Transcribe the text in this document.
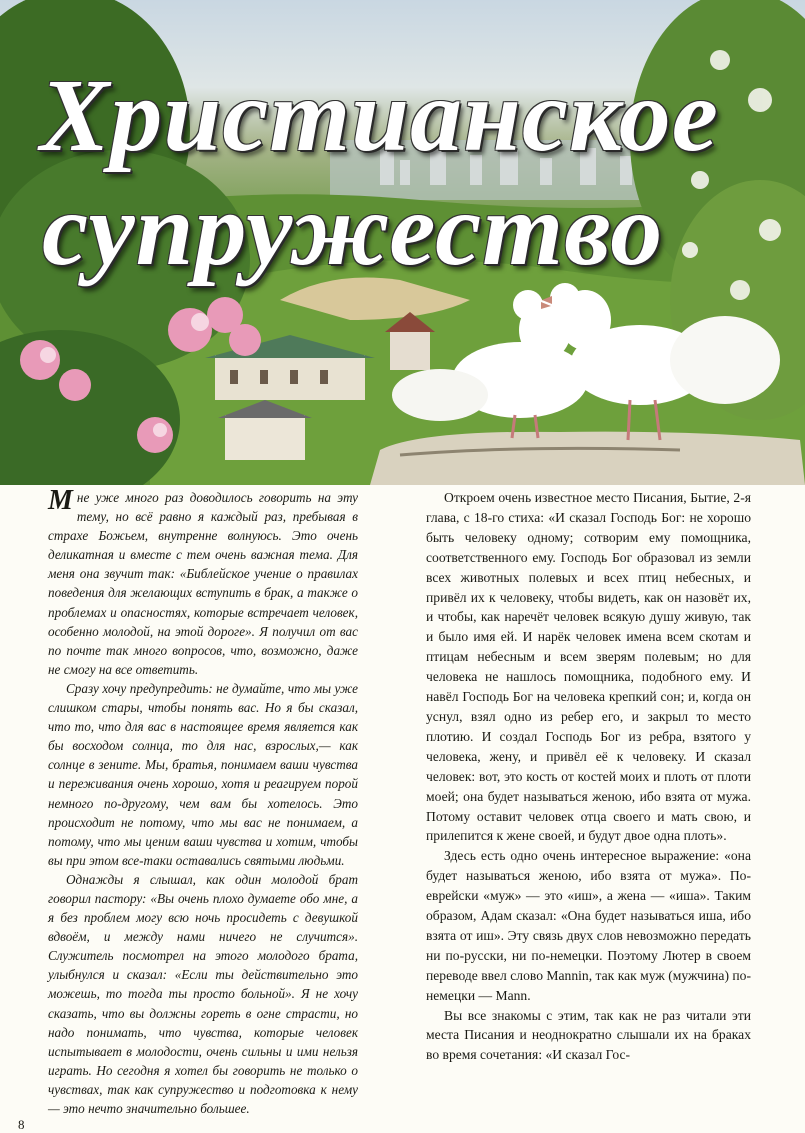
Христианское
супружество

Мне уже много раз доводилось говорить на эту тему, но всё равно я каждый раз, пребывая в страхе Божьем, внутренне волнуюсь. Это очень деликатная и вместе с тем очень важная тема. Для меня она звучит так: «Библейское учение о правилах поведения для желающих вступить в брак, а также о проблемах и опасностях, которые встречает человек, особенно молодой, на этой дороге». Я получил от вас по почте так много вопросов, что, возможно, даже не смогу на все ответить.

Сразу хочу предупредить: не думайте, что мы уже слишком стары, чтобы понять вас. Но я бы сказал, что то, что для вас в настоящее время является как бы восходом солнца, то для нас, взрослых,— как солнце в зените. Мы, братья, понимаем ваши чувства и переживания очень хорошо, хотя и реагируем порой немного по-другому, чем вам бы хотелось. Это происходит не потому, что мы вас не понимаем, а потому, что мы ценим ваши чувства и хотим, чтобы вы при этом все-таки оставались святыми людьми.

Однажды я слышал, как один молодой брат говорил пастору: «Вы очень плохо думаете обо мне, а я без проблем могу всю ночь просидеть с девушкой вдвоём, и между нами ничего не случится». Служитель посмотрел на этого молодого брата, улыбнулся и сказал: «Если ты действительно это можешь, то тогда ты просто больной». Я не хочу сказать, что вы должны гореть в огне страсти, но надо понимать, что чувства, которые человек испытывает в молодости, очень сильны и ими нельзя играть. Но сегодня я хотел бы говорить не только о чувствах, так как супружество и подготовка к нему — это нечто значительно большее.

Откроем очень известное место Писания, Бытие, 2-я глава, с 18-го стиха: «И сказал Господь Бог: не хорошо быть человеку одному; сотворим ему помощника, соответственного ему. Господь Бог образовал из земли всех животных полевых и всех птиц небесных, и привёл их к человеку, чтобы видеть, как он назовёт их, и чтобы, как наречёт человек всякую душу живую, так и было имя ей. И нарёк человек имена всем скотам и птицам небесным и всем зверям полевым; но для человека не нашлось помощника, подобного ему. И навёл Господь Бог на человека крепкий сон; и, когда он уснул, взял одно из ребер его, и закрыл то место плотию. И создал Господь Бог из ребра, взятого у человека, жену, и привёл её к человеку. И сказал человек: вот, это кость от костей моих и плоть от плоти моей; она будет называться женою, ибо взята от мужа. Потому оставит человек отца своего и мать свою, и прилепится к жене своей, и будут двое одна плоть».

Здесь есть одно очень интересное выражение: «она будет называться женою, ибо взята от мужа». По-еврейски «муж» — это «иш», а жена — «иша». Таким образом, Адам сказал: «Она будет называться иша, ибо взята от иш». Эту связь двух слов невозможно передать ни по-русски, ни по-немецки. Поэтому Лютер в своем переводе ввел слово Mannin, так как муж (мужчина) по-немецки — Mann.

Вы все знакомы с этим, так как не раз читали эти места Писания и неоднократно слышали их на браках во время сочетания: «И сказал Гос-

8
